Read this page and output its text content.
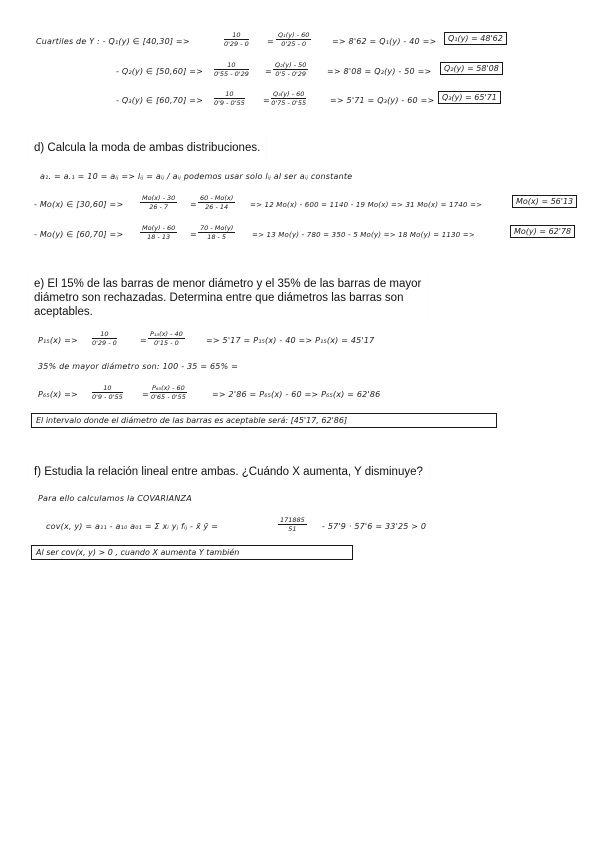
Cuartiles de Y : - Q₁(y) ∈ [40,30] =>	$\frac{10}{0'29 - 0} = \frac{\text{Q₁(y) - 60}}{0'25 - 0}$	=> 8'62 = Q₁(y) - 40 =>	Q₁(y) = 48'62
- Q₂(y) ∈ $[50,60] => \frac{10}{0'55 - 0'29} = \frac{\text{Q₂(y) - 50}}{0'5 - 0'29} => 8'08 = Q_2(y) - 50$ =>	Q₂(y) = 58'08
- Q₃(y) ∈ $[60,70] => \frac{10}{0'9 - 0'55} = \frac{\text{Q₃(y) - 60}}{0'75 - 0'55}$	=> 5'71 = Q₃(y) - 60 => Q₃(y) = 65'71
d) Calcula la moda de ambas distribuciones.
a₁. = a.₁ = 10 = aᵢⱼ => lᵢⱼ = aᵢⱼ / aᵢⱼ podemos usar solo lᵢⱼ al ser aᵢⱼ constante
- Mo(x) ∈ [30,60] =>	$\frac{Mo(x) - 30}{26 - 7} = \frac{60 - Mo(x)}{26 - 14} => 12$ Mo(x) - 600 = 1140 - 19 Mo(x) => 31 Mo(x) = 1740 =>	Mo(x) = 56'13
- Mo(y) ∈ [60,70] =>	$\frac{Mo(y) - 60}{18 - 13} = \frac{70 - Mo(y)}{18 - 5} => 13$ Mo(y) - 780 = 350 - 5 Mo(y) => 18 Mo(y) = 1130 =>	Mo(y) = 62'78
e) El 15% de las barras de menor diámetro y el 35% de las barras de mayor diámetro son rechazadas. Determina entre que diámetros las barras son aceptables.
$P_{15}(x) => \frac{10}{0'29 - 0}$	= $\frac{\text{P₁₅(x) - 40}}{0'15 - 0}$	=> 5'17 = P₁₅(x) - 40 => P₁₅(x) = 45'17
35% de mayor diámetro son: 100 - 35 = 65% =
$P_{65}(x) => \frac{10}{0'9 - 0'55} = \frac{\text{P₆₅(x) - 60}}{0'65 - 0'55}$	=> 2'86 = P₆₅(x) - 60 => P₆₅(x) = 62'86
El intervalo donde el diámetro de las barras es aceptable será: [45'17, 62'86]
f) Estudia la relación lineal entre ambas. ¿Cuándo X aumenta, Y disminuye?
Para ello calculamos la COVARIANZA
cov(x, y) = a₁₁ - a₁₀ a₀₁ = Σ xᵢ yⱼ fᵢⱼ - x̄ ȳ =	$\frac{171885}{51} - 57'9 \cdot 57'6 = 33'25 > 0$
Al ser cov(x, y) > 0 , cuando X aumenta Y también
